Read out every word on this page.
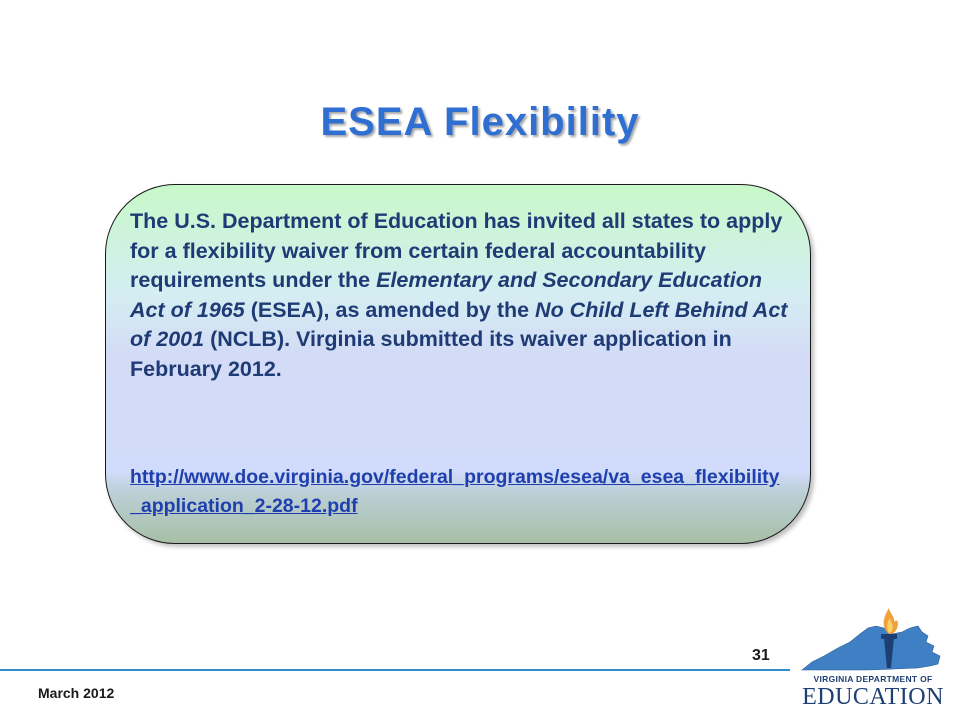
ESEA Flexibility

The U.S. Department of Education has invited all states to apply for a flexibility waiver from certain federal accountability requirements under the Elementary and Secondary Education Act of 1965 (ESEA), as amended by the No Child Left Behind Act of 2001 (NCLB). Virginia submitted its waiver application in February 2012.

http://www.doe.virginia.gov/federal_programs/esea/va_esea_flexibility_application_2-28-12.pdf
31
March 2012
VIRGINIA DEPARTMENT OF
EDUCATION
